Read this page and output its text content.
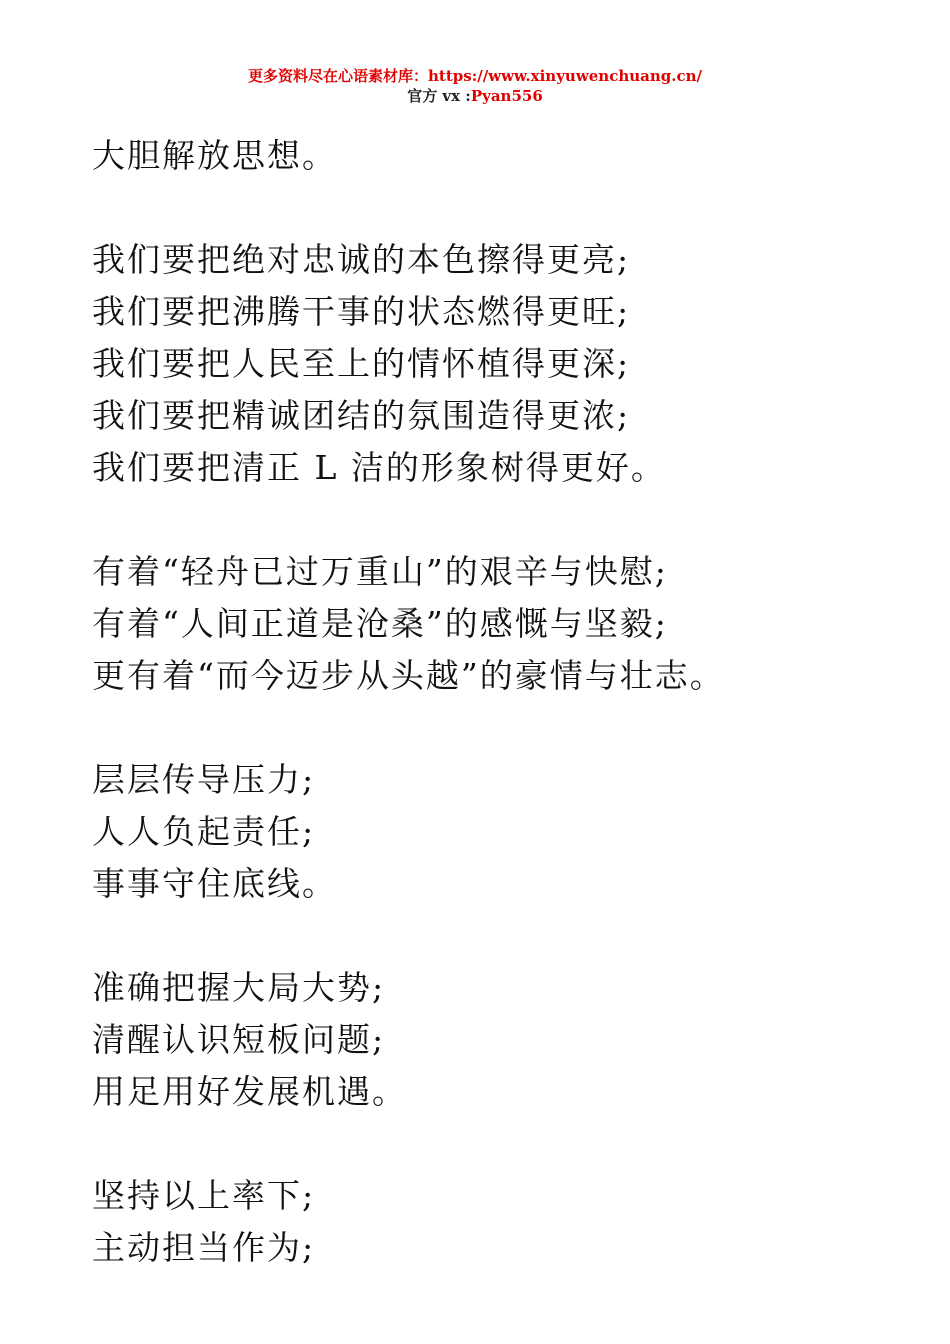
更多资料尽在心语素材库：https://www.xinyuwenchuang.cn/
官方 vx :Pyan556
大胆解放思想。
我们要把绝对忠诚的本色擦得更亮;
我们要把沸腾干事的状态燃得更旺;
我们要把人民至上的情怀植得更深;
我们要把精诚团结的氛围造得更浓;
我们要把清正 L 洁的形象树得更好。
有着“轻舟已过万重山”的艰辛与快慰;
有着“人间正道是沧桑”的感慨与坚毅;
更有着“而今迈步从头越”的豪情与壮志。
层层传导压力;
人人负起责任;
事事守住底线。
准确把握大局大势;
清醒认识短板问题;
用足用好发展机遇。
坚持以上率下;
主动担当作为;
